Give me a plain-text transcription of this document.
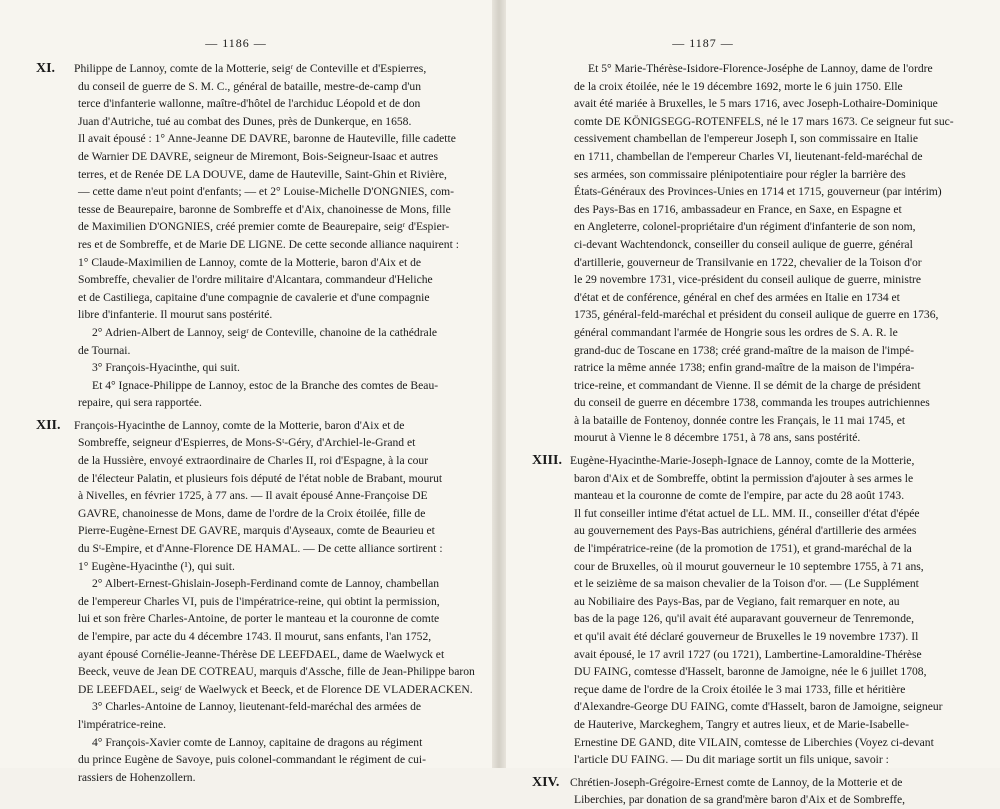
— 1186 —
XI. Philippe de Lannoy, comte de la Motterie, seigʳ de Conteville et d'Espierres,
du conseil de guerre de S. M. C., général de bataille, mestre-de-camp d'un
terce d'infanterie wallonne, maître-d'hôtel de l'archiduc Léopold et de don
Juan d'Autriche, tué au combat des Dunes, près de Dunkerque, en 1658.
Il avait épousé : 1° Anne-Jeanne DE DAVRE, baronne de Hauteville, fille cadette
de Warnier DE DAVRE, seigneur de Miremont, Bois-Seigneur-Isaac et autres
terres, et de Renée DE LA DOUVE, dame de Hauteville, Saint-Ghin et Rivière,
— cette dame n'eut point d'enfants; — et 2° Louise-Michelle D'ONGNIES, com-
tesse de Beaurepaire, baronne de Sombreffe et d'Aix, chanoinesse de Mons, fille
de Maximilien D'ONGNIES, créé premier comte de Beaurepaire, seigʳ d'Espier-
res et de Sombreffe, et de Marie DE LIGNE. De cette seconde alliance naquirent :
1° Claude-Maximilien de Lannoy, comte de la Motterie, baron d'Aix et de
Sombreffe, chevalier de l'ordre militaire d'Alcantara, commandeur d'Heliche
et de Castiliega, capitaine d'une compagnie de cavalerie et d'une compagnie
libre d'infanterie. Il mourut sans postérité.
2° Adrien-Albert de Lannoy, seigʳ de Conteville, chanoine de la cathédrale
de Tournai.
3° François-Hyacinthe, qui suit.
Et 4° Ignace-Philippe de Lannoy, estoc de la Branche des comtes de Beau-
repaire, qui sera rapportée.
XII. François-Hyacinthe de Lannoy, comte de la Motterie, baron d'Aix et de
Sombreffe, seigneur d'Espierres, de Mons-Sᵗ-Géry, d'Archiel-le-Grand et
de la Hussière, envoyé extraordinaire de Charles II, roi d'Espagne, à la cour
de l'électeur Palatin, et plusieurs fois député de l'état noble de Brabant, mourut
à Nivelles, en février 1725, à 77 ans. — Il avait épousé Anne-Françoise DE
GAVRE, chanoinesse de Mons, dame de l'ordre de la Croix étoilée, fille de
Pierre-Eugène-Ernest DE GAVRE, marquis d'Ayseaux, comte de Beaurieu et
du Sᵗ-Empire, et d'Anne-Florence DE HAMAL. — De cette alliance sortirent :
1° Eugène-Hyacinthe (¹), qui suit.
2° Albert-Ernest-Ghislain-Joseph-Ferdinand comte de Lannoy, chambellan
de l'empereur Charles VI, puis de l'impératrice-reine, qui obtint la permission,
lui et son frère Charles-Antoine, de porter le manteau et la couronne de comte
de l'empire, par acte du 4 décembre 1743. Il mourut, sans enfants, l'an 1752,
ayant épousé Cornélie-Jeanne-Thérèse DE LEEFDAEL, dame de Waelwyck et
Beeck, veuve de Jean DE COTREAU, marquis d'Assche, fille de Jean-Philippe baron
DE LEEFDAEL, seigʳ de Waelwyck et Beeck, et de Florence DE VLADERACKEN.
3° Charles-Antoine de Lannoy, lieutenant-feld-maréchal des armées de
l'impératrice-reine.
4° François-Xavier comte de Lannoy, capitaine de dragons au régiment
du prince Eugène de Savoye, puis colonel-commandant le régiment de cui-
rassiers de Hohenzollern.
— 1187 —
Et 5° Marie-Thérèse-Isidore-Florence-Joséphe de Lannoy, dame de l'ordre
de la croix étoilée, née le 19 décembre 1692, morte le 6 juin 1750. Elle
avait été mariée à Bruxelles, le 5 mars 1716, avec Joseph-Lothaire-Dominique
comte DE KÖNIGSEGG-ROTENFELS, né le 17 mars 1673. Ce seigneur fut suc-
cessivement chambellan de l'empereur Joseph I, son commissaire en Italie
en 1711, chambellan de l'empereur Charles VI, lieutenant-feld-maréchal de
ses armées, son commissaire plénipotentiaire pour régler la barrière des
États-Généraux des Provinces-Unies en 1714 et 1715, gouverneur (par intérim)
des Pays-Bas en 1716, ambassadeur en France, en Saxe, en Espagne et
en Angleterre, colonel-propriétaire d'un régiment d'infanterie de son nom,
ci-devant Wachtendonck, conseiller du conseil aulique de guerre, général
d'artillerie, gouverneur de Transilvanie en 1722, chevalier de la Toison d'or
le 29 novembre 1731, vice-président du conseil aulique de guerre, ministre
d'état et de conférence, général en chef des armées en Italie en 1734 et
1735, général-feld-maréchal et président du conseil aulique de guerre en 1736,
général commandant l'armée de Hongrie sous les ordres de S. A. R. le
grand-duc de Toscane en 1738; créé grand-maître de la maison de l'impé-
ratrice la même année 1738; enfin grand-maître de la maison de l'impéra-
trice-reine, et commandant de Vienne. Il se démit de la charge de président
du conseil de guerre en décembre 1738, commanda les troupes autrichiennes
à la bataille de Fontenoy, donnée contre les Français, le 11 mai 1745, et
mourut à Vienne le 8 décembre 1751, à 78 ans, sans postérité.
XIII. Eugène-Hyacinthe-Marie-Joseph-Ignace de Lannoy, comte de la Motterie,
baron d'Aix et de Sombreffe, obtint la permission d'ajouter à ses armes le
manteau et la couronne de comte de l'empire, par acte du 28 août 1743.
Il fut conseiller intime d'état actuel de LL. MM. II., conseiller d'état d'épée
au gouvernement des Pays-Bas autrichiens, général d'artillerie des armées
de l'impératrice-reine (de la promotion de 1751), et grand-maréchal de la
cour de Bruxelles, où il mourut gouverneur le 10 septembre 1755, à 71 ans,
et le seizième de sa maison chevalier de la Toison d'or. — (Le Supplément
au Nobiliaire des Pays-Bas, par de Vegiano, fait remarquer en note, au
bas de la page 126, qu'il avait été auparavant gouverneur de Tenremonde,
et qu'il avait été déclaré gouverneur de Bruxelles le 19 novembre 1737). Il
avait épousé, le 17 avril 1727 (ou 1721), Lambertine-Lamoraldine-Thérèse
DU FAING, comtesse d'Hasselt, baronne de Jamoigne, née le 6 juillet 1708,
reçue dame de l'ordre de la Croix étoilée le 3 mai 1733, fille et héritière
d'Alexandre-George DU FAING, comte d'Hasselt, baron de Jamoigne, seigneur
de Hauterive, Marckeghem, Tangry et autres lieux, et de Marie-Isabelle-
Ernestine DE GAND, dite VILAIN, comtesse de Liberchies (Voyez ci-devant
l'article DU FAING. — Du dit mariage sortit un fils unique, savoir :
XIV. Chrétien-Joseph-Grégoire-Ernest comte de Lannoy, de la Motterie et de
Liberchies, par donation de sa grand'mère baron d'Aix et de Sombreffe,
